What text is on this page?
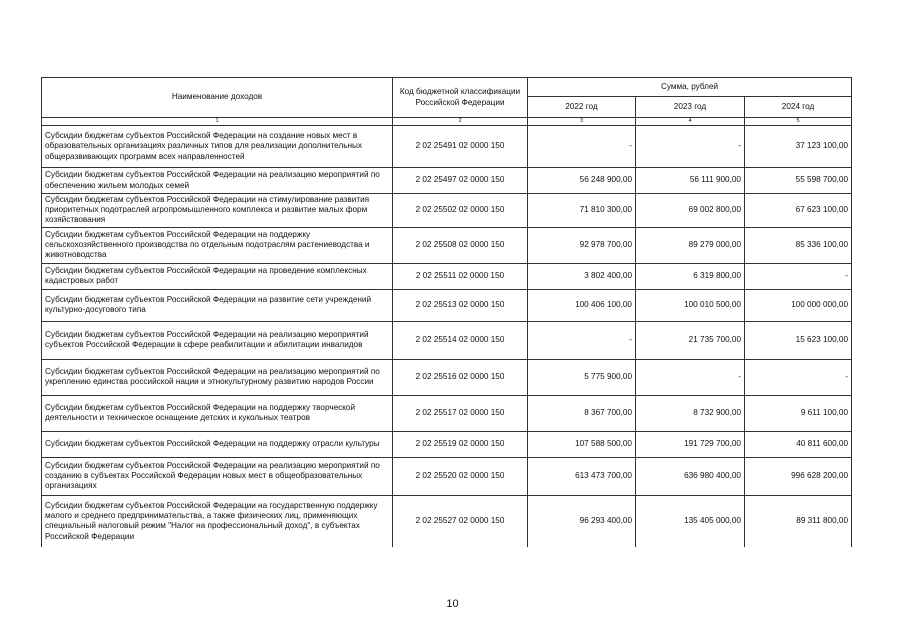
Наименование доходов	Код бюджетной классификации Российской Федерации	Сумма, рублей		
		2022 год	2023 год	2024 год
1	2	3	4	5
Субсидии бюджетам субъектов Российской Федерации на создание новых мест в образовательных организациях различных типов для реализации дополнительных общеразвивающих программ всех направленностей	2 02 25491 02 0000 150	-	-	37 123 100,00
Субсидии бюджетам субъектов Российской Федерации на реализацию мероприятий по обеспечению жильем молодых семей	2 02 25497 02 0000 150	56 248 900,00	56 111 900,00	55 598 700,00
Субсидии бюджетам субъектов Российской Федерации на стимулирование развития приоритетных подотраслей агропромышленного комплекса и развитие малых форм хозяйствования	2 02 25502 02 0000 150	71 810 300,00	69 002 800,00	67 623 100,00
Субсидии бюджетам субъектов Российской Федерации на поддержку сельскохозяйственного производства по отдельным подотраслям растениеводства и животноводства	2 02 25508 02 0000 150	92 978 700,00	89 279 000,00	85 336 100,00
Субсидии бюджетам субъектов Российской Федерации на проведение комплексных кадастровых работ	2 02 25511 02 0000 150	3 802 400,00	6 319 800,00	-
Субсидии бюджетам субъектов Российской Федерации на развитие сети учреждений культурно-досугового типа	2 02 25513 02 0000 150	100 406 100,00	100 010 500,00	100 000 000,00
Субсидии бюджетам субъектов Российской Федерации на реализацию мероприятий субъектов Российской Федерации в сфере реабилитации и абилитации инвалидов	2 02 25514 02 0000 150	-	21 735 700,00	15 623 100,00
Субсидии бюджетам субъектов Российской Федерации на реализацию мероприятий по укреплению единства российской нации и этнокультурному развитию народов России	2 02 25516 02 0000 150	5 775 900,00	-	-
Субсидии бюджетам субъектов Российской Федерации на поддержку творческой деятельности и техническое оснащение детских и кукольных театров	2 02 25517 02 0000 150	8 367 700,00	8 732 900,00	9 611 100,00
Субсидии бюджетам субъектов Российской Федерации на поддержку отрасли культуры	2 02 25519 02 0000 150	107 588 500,00	191 729 700,00	40 811 600,00
Субсидии бюджетам субъектов Российской Федерации на реализацию мероприятий по созданию в субъектах Российской Федерации новых мест в общеобразовательных организациях	2 02 25520 02 0000 150	613 473 700,00	636 980 400,00	996 628 200,00
Субсидии бюджетам субъектов Российской Федерации на государственную поддержку малого и среднего предпринимательства, а также физических лиц, применяющих специальный налоговый режим "Налог на профессиональный доход", в субъектах Российской Федерации	2 02 25527 02 0000 150	96 293 400,00	135 405 000,00	89 311 800,00
10
